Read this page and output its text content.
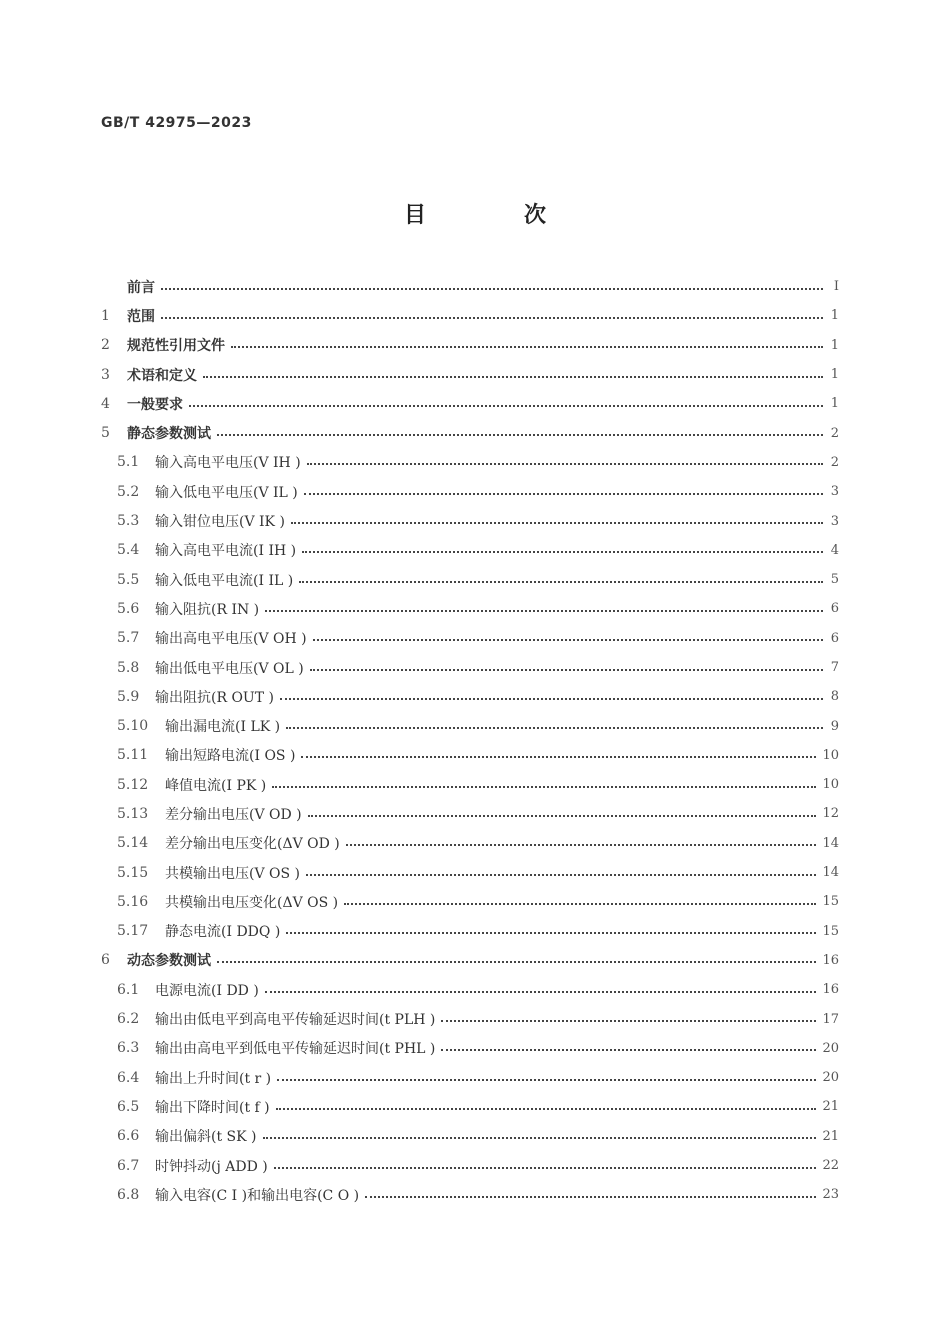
GB/T 42975—2023
目　次
前言	I
1	范围	1
2	规范性引用文件	1
3	术语和定义	1
4	一般要求	1
5	静态参数测试	2
5.1	输入高电平电压(V IH )	2
5.2	输入低电平电压(V IL )	3
5.3	输入钳位电压(V IK )	3
5.4	输入高电平电流(I IH )	4
5.5	输入低电平电流(I IL )	5
5.6	输入阻抗(R IN )	6
5.7	输出高电平电压(V OH )	6
5.8	输出低电平电压(V OL )	7
5.9	输出阻抗(R OUT )	8
5.10	输出漏电流(I LK )	9
5.11	输出短路电流(I OS )	10
5.12	峰值电流(I PK )	10
5.13	差分输出电压(V OD )	12
5.14	差分输出电压变化(ΔV OD )	14
5.15	共模输出电压(V OS )	14
5.16	共模输出电压变化(ΔV OS )	15
5.17	静态电流(I DDQ )	15
6	动态参数测试	16
6.1	电源电流(I DD )	16
6.2	输出由低电平到高电平传输延迟时间(t PLH )	17
6.3	输出由高电平到低电平传输延迟时间(t PHL )	20
6.4	输出上升时间(t r )	20
6.5	输出下降时间(t f )	21
6.6	输出偏斜(t SK )	21
6.7	时钟抖动(j ADD )	22
6.8	输入电容(C I )和输出电容(C O )	23
